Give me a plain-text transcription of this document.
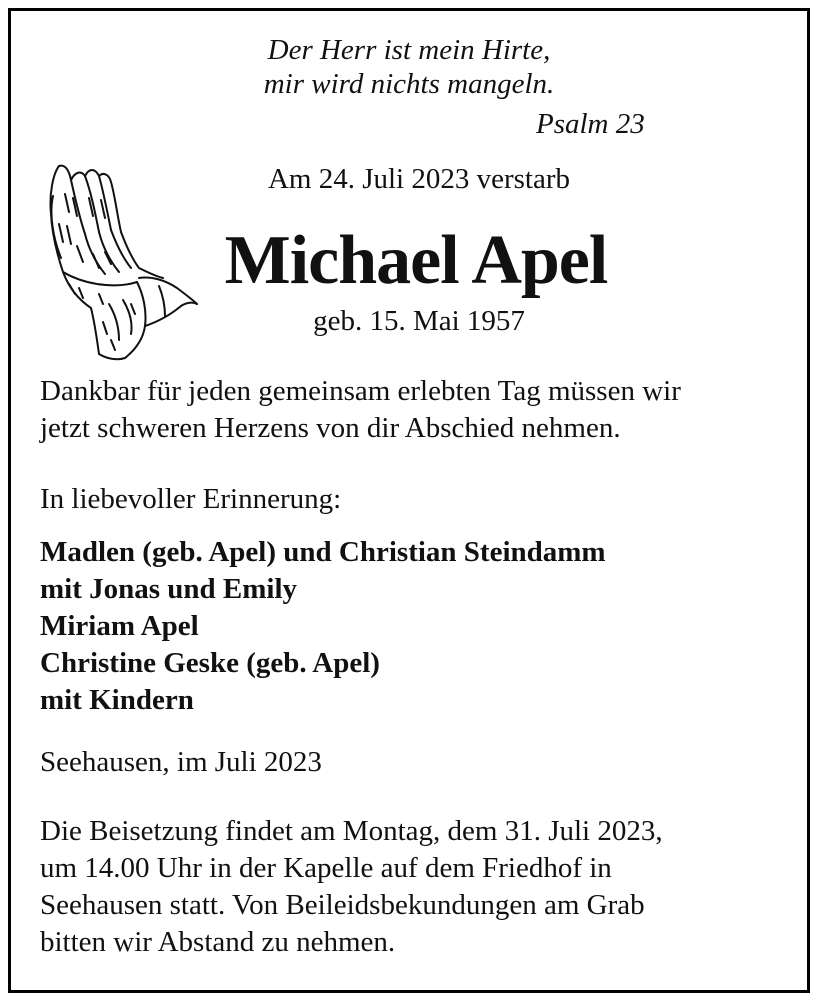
Der Herr ist mein Hirte,
mir wird nichts mangeln.
Psalm 23
Am 24. Juli 2023 verstarb
Michael Apel
geb. 15. Mai 1957
Dankbar für jeden gemeinsam erlebten Tag müssen wir
jetzt schweren Herzens von dir Abschied nehmen.
In liebevoller Erinnerung:
Madlen (geb. Apel) und Christian Steindamm
mit Jonas und Emily
Miriam Apel
Christine Geske (geb. Apel)
mit Kindern
Seehausen, im Juli 2023
Die Beisetzung findet am Montag, dem 31. Juli 2023,
um 14.00 Uhr in der Kapelle auf dem Friedhof in
Seehausen statt. Von Beileidsbekundungen am Grab
bitten wir Abstand zu nehmen.
